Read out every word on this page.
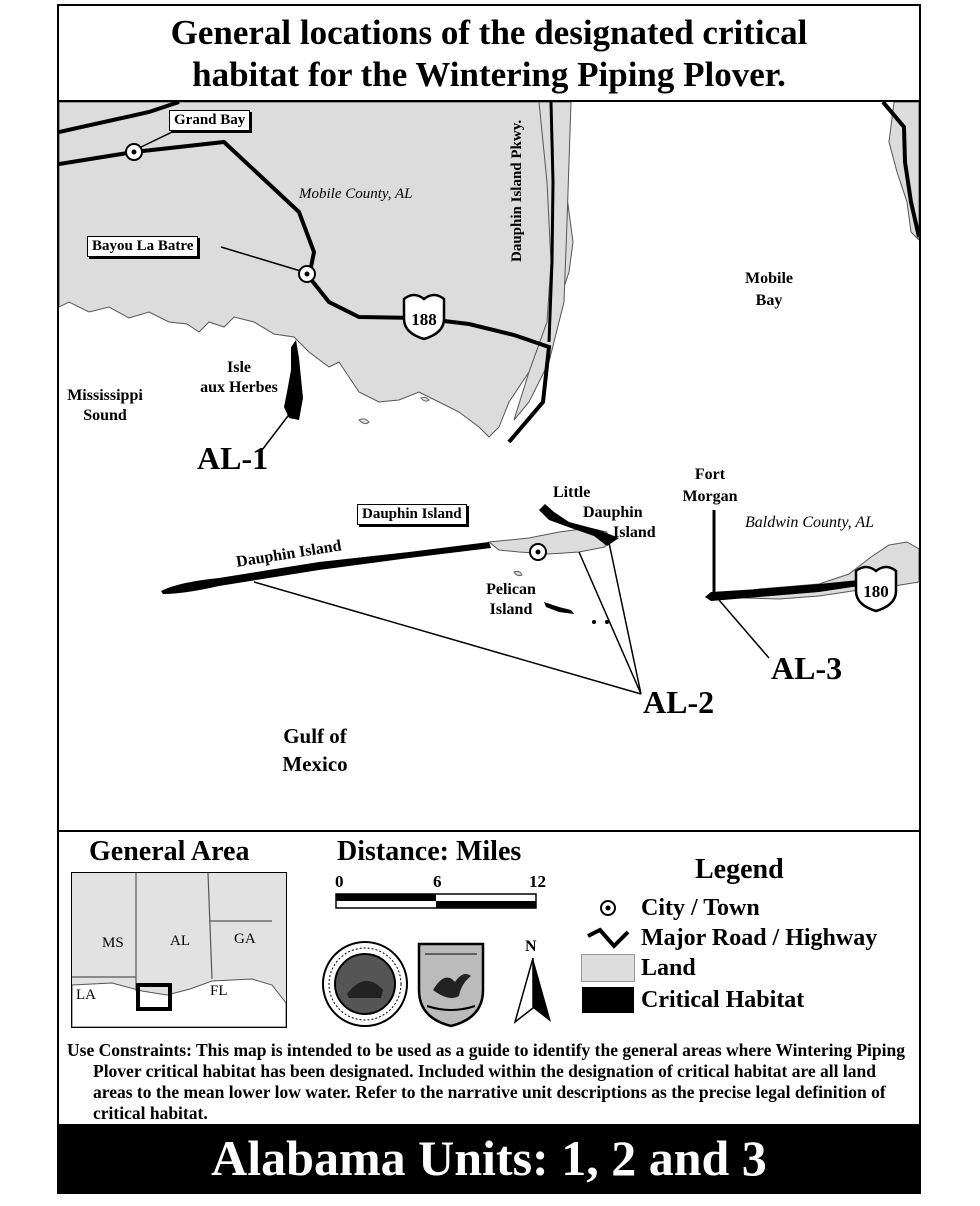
General locations of the designated critical
habitat for the Wintering Piping Plover.
Grand Bay
Bayou La Batre
Mobile County, AL	Dauphin Island Pkwy.
Mobile
Bay
Isle
aux Herbes
Mississippi
Sound
AL-1
Little
Dauphin
Island
Fort
Morgan
Baldwin County, AL
Dauphin Island
Dauphin Island
Pelican
Island
AL-2
AL-3
Gulf of
Mexico
188
180
General Area
MS	AL	GA
LA	FL
Distance: Miles
0	6	12
N
Legend
City / Town
Major Road / Highway
Land
Critical Habitat

Use Constraints: This map is intended to be used as a guide to identify the general areas where Wintering Piping Plover critical habitat has been designated. Included within the designation of critical habitat are all land areas to the mean lower low water. Refer to the narrative unit descriptions as the precise legal definition of critical habitat.

Alabama Units: 1, 2 and 3
